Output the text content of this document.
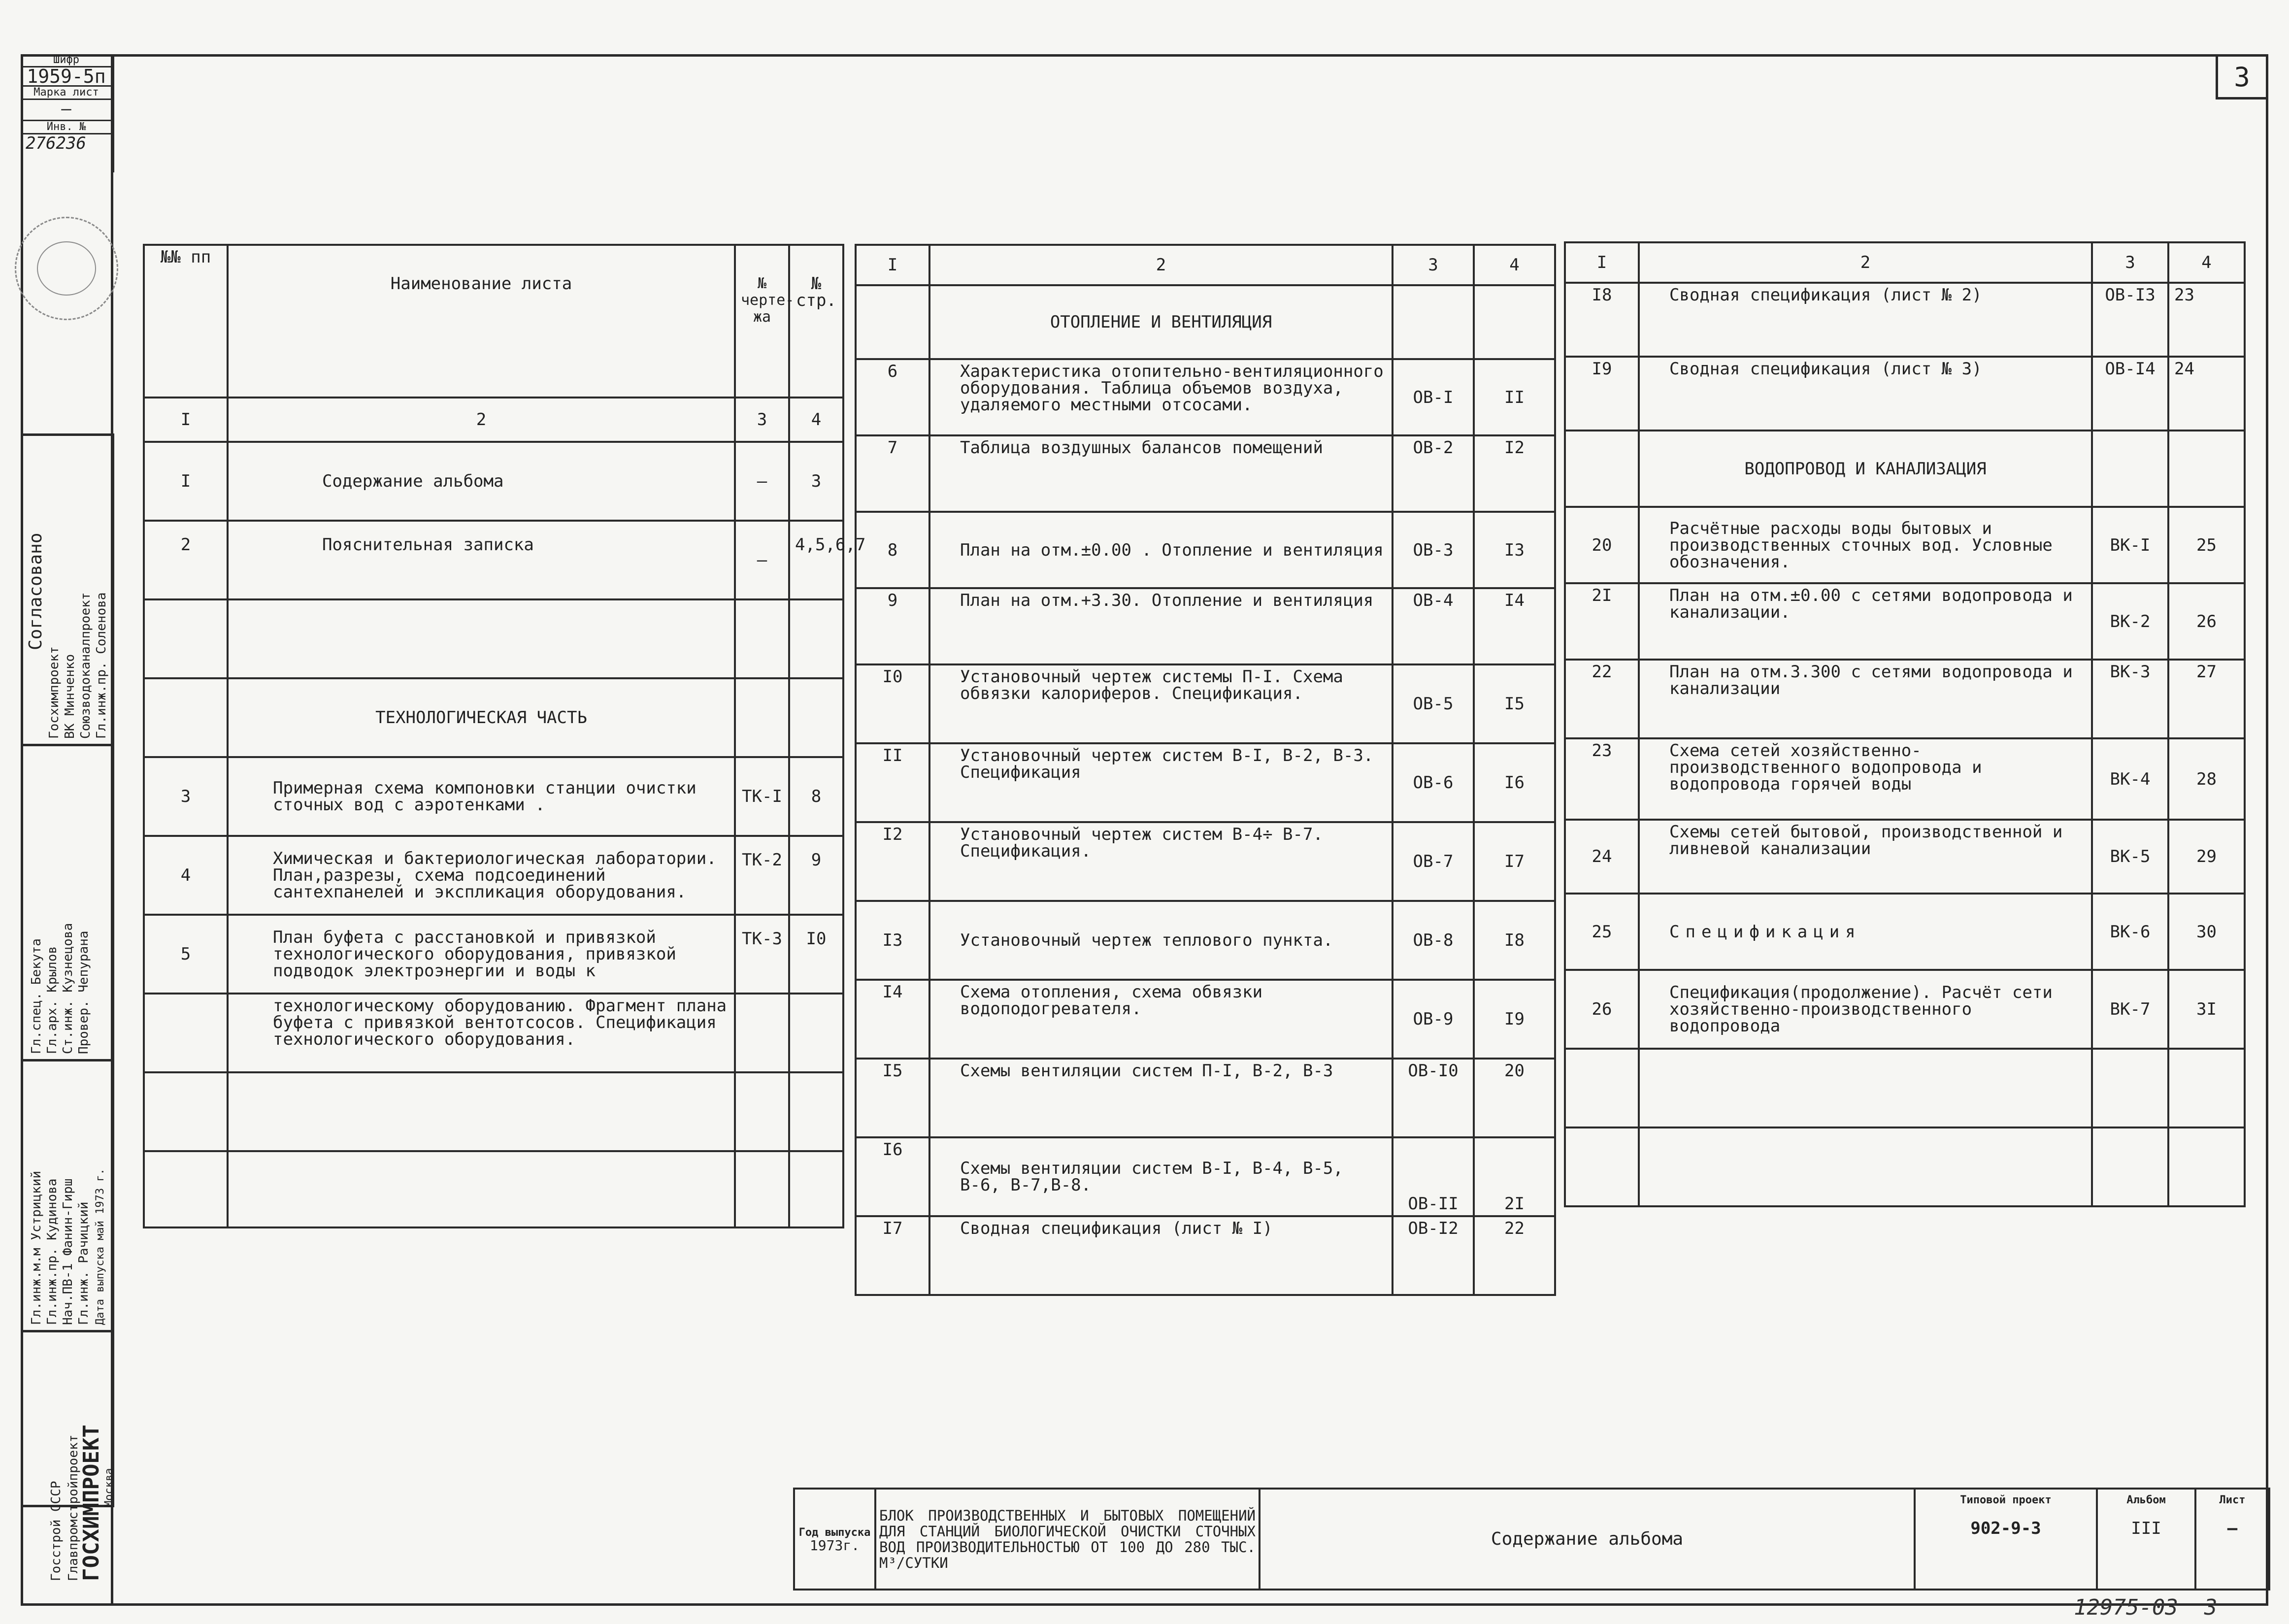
3
Шифр
1959-5п
Марка лист
—
Инв. №
276236
Согласовано
Госхимпроект ВК Минченко Союзводоканалпроект Гл.инж.пр. Соленова
Гл.спец. Бекута Гл.арх. Крылов Ст.инж. Кузнецова Провер. Чепурана
Гл.инж.м.м Устрицкий Гл.инж.пр. Кудинова Нач.ПВ-1 Фанин-Гирш Гл.инж. Рачицкий Дата выпуска май 1973 г.
Госстрой СССР Главпромстройпроект
ГОСХИМПРОЕКТ
Москва
№№ пп	Наименование листа	№ черте-жа	№ стр.
I	2	3	4
I	Содержание альбома	–	3
2	Пояснительная записка	–	4,5,6,7

	ТЕХНОЛОГИЧЕСКАЯ ЧАСТЬ		
3	Примерная схема компоновки станции очистки сточных вод с аэротенками .	ТК-I	8
4	Химическая и бактериологическая лаборатории. План,разрезы, схема подсоединений сантехпанелей и экспликация оборудования.	ТК-2	9
5	План буфета с расстановкой и привязкой технологического оборудования, привязкой подводок электроэнергии и воды к	ТК-3	I0
	технологическому оборудованию. Фрагмент плана буфета с привязкой вентотсосов. Спецификация технологического оборудования.		

I	2	3	4
	ОТОПЛЕНИЕ И ВЕНТИЛЯЦИЯ		
6	Характеристика отопительно-вентиляционного оборудования. Таблица объемов воздуха, удаляемого местными отсосами.	ОВ-I	II
7	Таблица воздушных балансов помещений	ОВ-2	I2
8	План на отм.±0.00 . Отопление и вентиляция	ОВ-3	I3
9	План на отм.+3.30. Отопление и вентиляция	ОВ-4	I4
I0	Установочный чертеж системы П-I. Схема обвязки калориферов. Спецификация.	ОВ-5	I5
II	Установочный чертеж систем В-I, В-2, В-3. Спецификация	ОВ-6	I6
I2	Установочный чертеж систем В-4÷ В-7. Спецификация.	ОВ-7	I7
I3	Установочный чертеж теплового пункта.	ОВ-8	I8
I4	Схема отопления, схема обвязки водоподогревателя.	ОВ-9	I9
I5	Схемы вентиляции систем П-I, В-2, В-3	ОВ-I0	20
I6	Схемы вентиляции систем В-I, В-4, В-5, В-6, В-7,В-8.	ОВ-II	2I
I7	Сводная спецификация (лист № I)	ОВ-I2	22
I	2	3	4
I8	Сводная спецификация (лист № 2)	ОВ-I3	23
I9	Сводная спецификация (лист № 3)	ОВ-I4	24
	ВОДОПРОВОД И КАНАЛИЗАЦИЯ		
20	Расчётные расходы воды бытовых и производственных сточных вод. Условные обозначения.	ВК-I	25
2I	План на отм.±0.00 с сетями водопровода и канализации.	ВК-2	26
22	План на отм.3.300 с сетями водопровода и канализации	ВК-3	27
23	Схема сетей хозяйственно-производственного водопровода и водопровода горячей воды	ВК-4	28
24	Схемы сетей бытовой, производственной и ливневой канализации	ВК-5	29
25	Спецификация	ВК-6	30
26	Спецификация(продолжение). Расчёт сети хозяйственно-производственного водопровода	ВК-7	3I

Год выпуска
1973г.
	БЛОК ПРОИЗВОДСТВЕННЫХ И БЫТОВЫХ ПОМЕЩЕНИЙ ДЛЯ СТАНЦИЙ БИОЛОГИЧЕСКОЙ ОЧИСТКИ СТОЧНЫХ ВОД ПРОИЗВОДИТЕЛЬНОСТЬЮ ОТ 100 ДО 280 ТЫС. М³/СУТКИ	Содержание альбома	
Типовой проект
902-9-3

Альбом
III

Лист
—
12975-03  3
